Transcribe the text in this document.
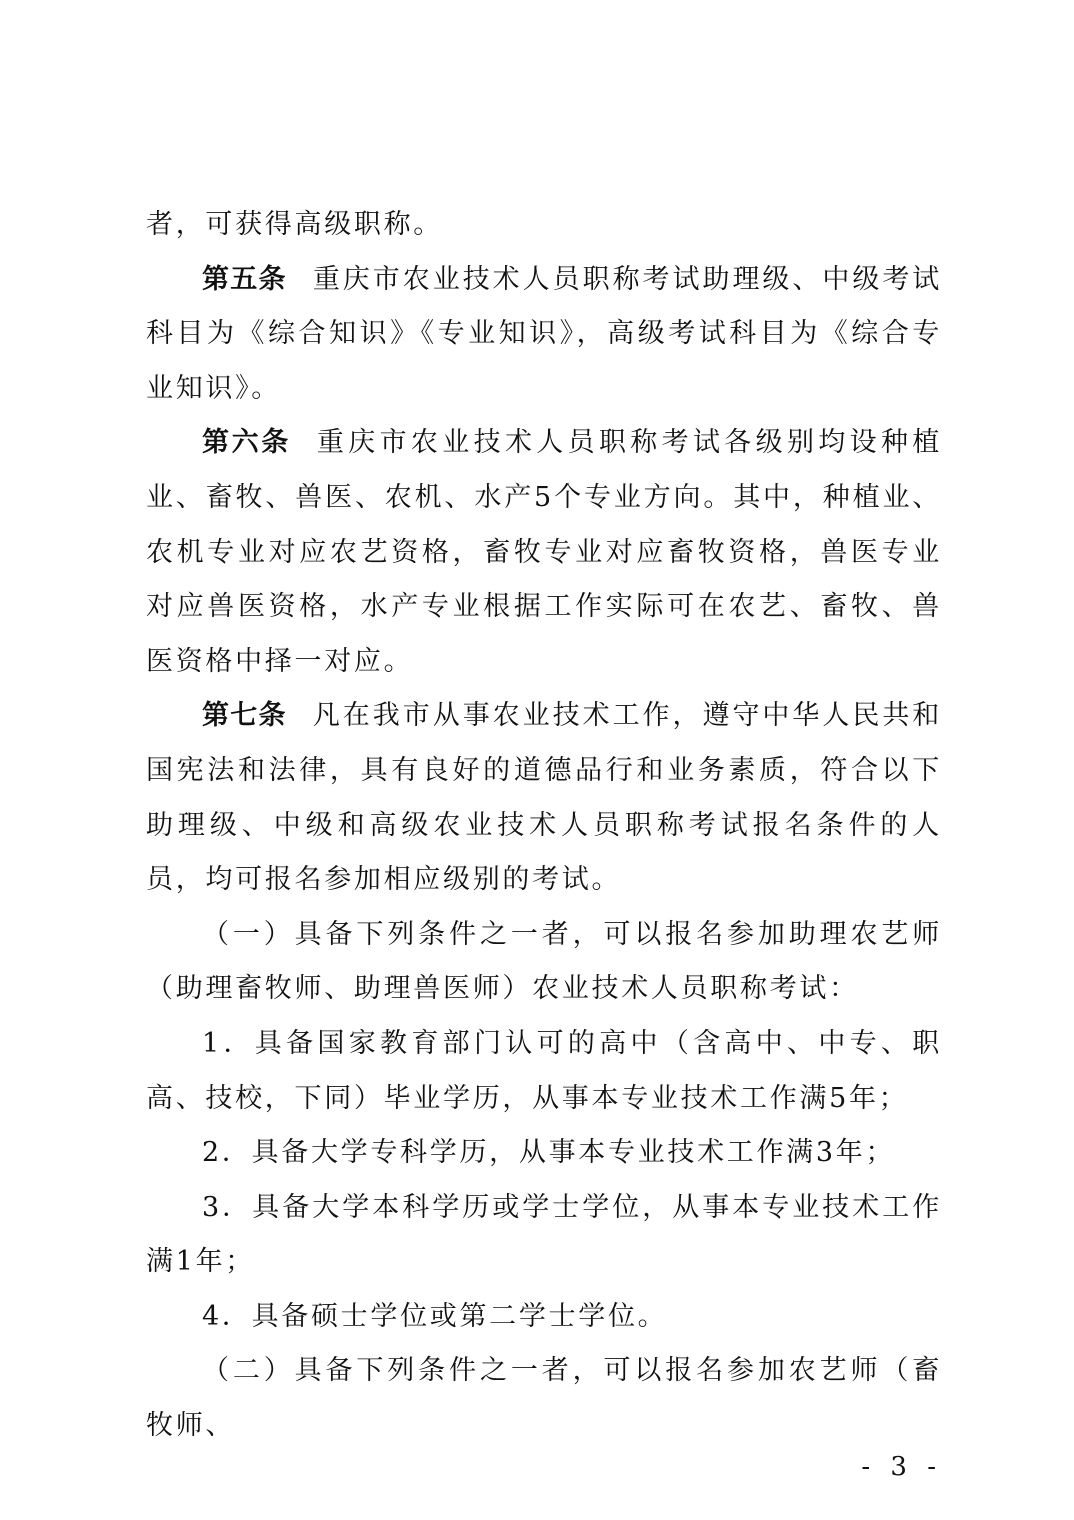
者，可获得高级职称。

第五条 重庆市农业技术人员职称考试助理级、中级考试科目为《综合知识》《专业知识》，高级考试科目为《综合专业知识》。

第六条 重庆市农业技术人员职称考试各级别均设种植业、畜牧、兽医、农机、水产5个专业方向。其中，种植业、农机专业对应农艺资格，畜牧专业对应畜牧资格，兽医专业对应兽医资格，水产专业根据工作实际可在农艺、畜牧、兽医资格中择一对应。

第七条 凡在我市从事农业技术工作，遵守中华人民共和国宪法和法律，具有良好的道德品行和业务素质，符合以下助理级、中级和高级农业技术人员职称考试报名条件的人员，均可报名参加相应级别的考试。

（一）具备下列条件之一者，可以报名参加助理农艺师（助理畜牧师、助理兽医师）农业技术人员职称考试：

1．具备国家教育部门认可的高中（含高中、中专、职高、技校，下同）毕业学历，从事本专业技术工作满5年；

2．具备大学专科学历，从事本专业技术工作满3年；

3．具备大学本科学历或学士学位，从事本专业技术工作满1年；

4．具备硕士学位或第二学士学位。

（二）具备下列条件之一者，可以报名参加农艺师（畜牧师、

- 3 -
